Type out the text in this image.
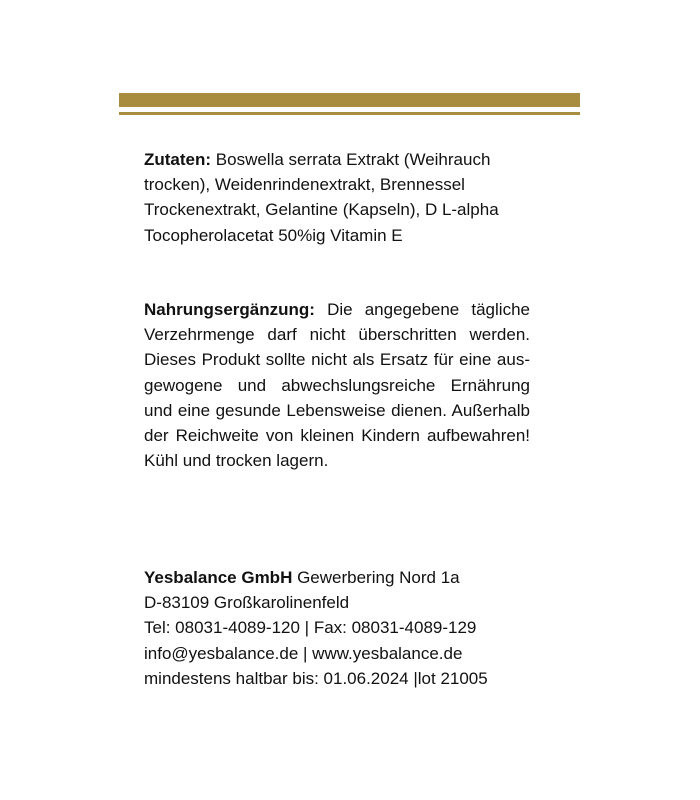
Zutaten: Boswella serrata Extrakt (Weihrauch trocken), Weidenrindenextrakt, Brennessel Trockenextrakt, Gelantine (Kapseln), D L-alpha Tocopherolacetat 50%ig Vitamin E
Nahrungsergänzung: Die angegebene tägliche Verzehrmenge darf nicht überschritten werden. Dieses Produkt sollte nicht als Ersatz für eine aus-gewogene und abwechslungsreiche Ernährung und eine gesunde Lebensweise dienen. Außerhalb der Reichweite von kleinen Kindern aufbewahren! Kühl und trocken lagern.
Yesbalance GmbH Gewerbering Nord 1a
D-83109 Großkarolinenfeld
Tel: 08031-4089-120 | Fax: 08031-4089-129
info@yesbalance.de | www.yesbalance.de
mindestens haltbar bis: 01.06.2024 |lot 21005
